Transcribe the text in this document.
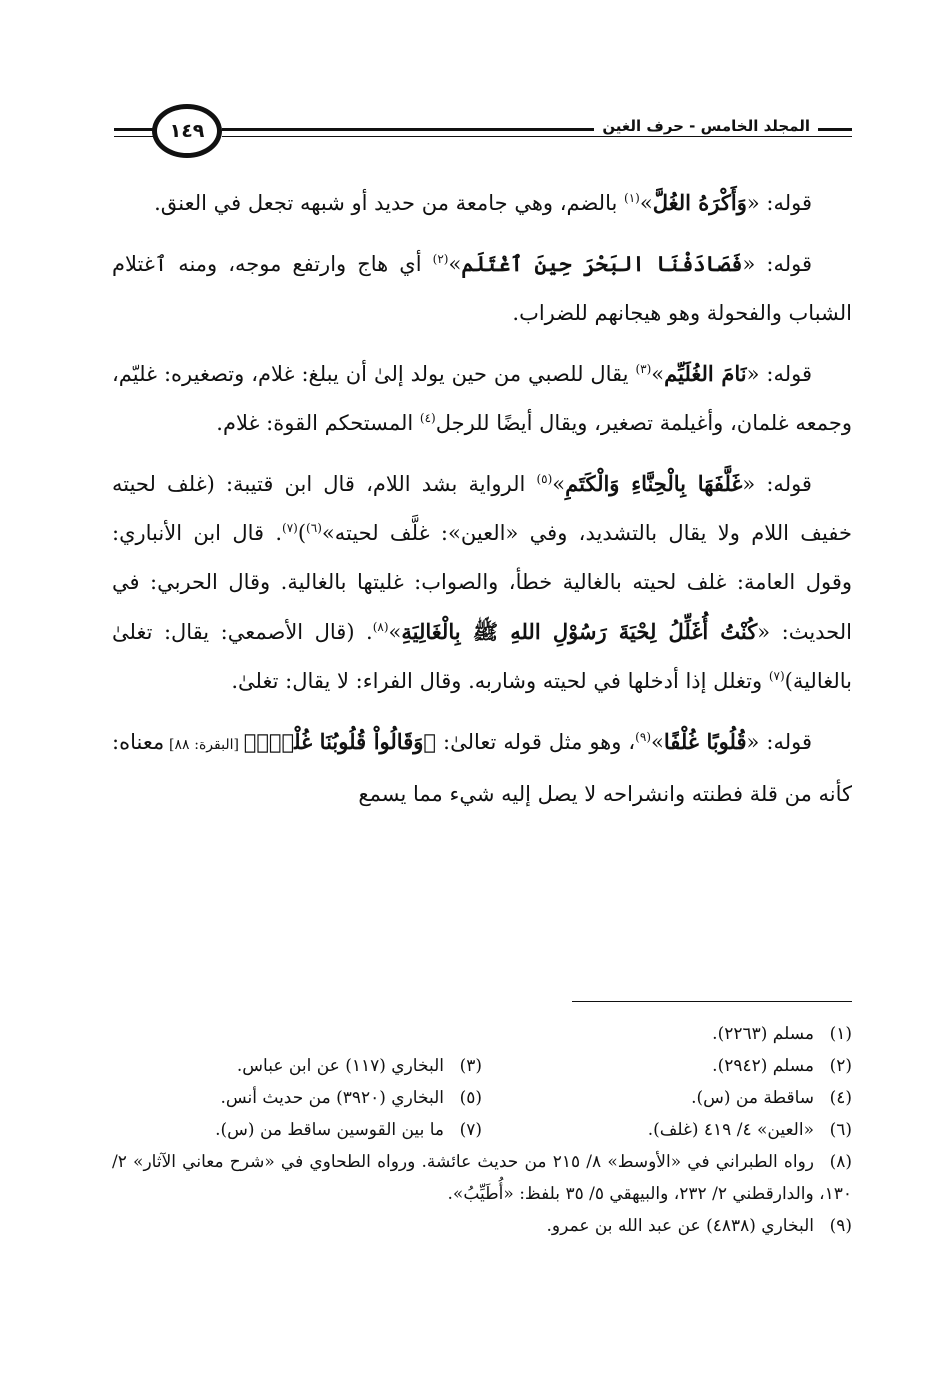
المجلد الخامس - حرف الغين
١٤٩

قوله: «وَأَكْرَهُ الغُلَّ»$^{(١)}$ بالضم، وهي جامعة من حديد أو شبهه تجعل في العنق.

قوله: «فَصَادَفْنَا البَحْرَ حِينَ ٱغْتَلَم»$^{(٢)}$ أي هاج وارتفع موجه، ومنه ٱغتلام الشباب والفحولة وهو هيجانهم للضراب.

قوله: «نَامَ الغُلَيِّم»$^{(٣)}$ يقال للصبي من حين يولد إلىٰ أن يبلغ: غلام، وتصغيره: غليّم، وجمعه غلمان، وأغيلمة تصغير، ويقال أيضًا للرجل$^{(٤)}$ المستحكم القوة: غلام.

قوله: «غَلَّفَهَا بِالْحِنَّاءِ وَالْكَتَمِ»$^{(٥)}$ الرواية بشد اللام، قال ابن قتيبة: (غلف لحيته خفيف اللام ولا يقال بالتشديد، وفي «العين»: غلَّف لحيته»$^{(٦)}$)$^{(٧)}$. قال ابن الأنباري: وقول العامة: غلف لحيته بالغالية خطأ، والصواب: غليتها بالغالية. وقال الحربي: في الحديث: «كُنْتُ أُغَلِّلُ لِحْيَةَ رَسُوْلِ اللهِ ﷺ بِالْغَالِيَةِ»$^{(٨)}$. (قال الأصمعي: يقال: تغلىٰ بالغالية)$^{(٧)}$ وتغلل إذا أدخلها في لحيته وشاربه. وقال الفراء: لا يقال: تغلىٰ.

قوله: «قُلُوبًا غُلْفًا»$^{(٩)}$، وهو مثل قوله تعالىٰ: ﴿وَقَالُواْ قُلُوبُنَا غُلْفٌۢ﴾ [البقرة: ٨٨] معناه: كأنه من قلة فطنته وانشراحه لا يصل إليه شيء مما يسمع

(١)مسلم (٢٢٦٣).
(٢)مسلم (٢٩٤٢).
(٣)البخاري (١١٧) عن ابن عباس.
(٤)ساقطة من (س).
(٥)البخاري (٣٩٢٠) من حديث أنس.
(٦)«العين» ٤/ ٤١٩ (غلف).
(٧)ما بين القوسين ساقط من (س).
(٨)رواه الطبراني في «الأوسط» ٨/ ٢١٥ من حديث عائشة. ورواه الطحاوي في «شرح معاني الآثار» ٢/ ١٣٠، والدارقطني ٢/ ٢٣٢، والبيهقي ٥/ ٣٥ بلفظ: «أُطَيِّبُ».
(٩)البخاري (٤٨٣٨) عن عبد الله بن عمرو.
